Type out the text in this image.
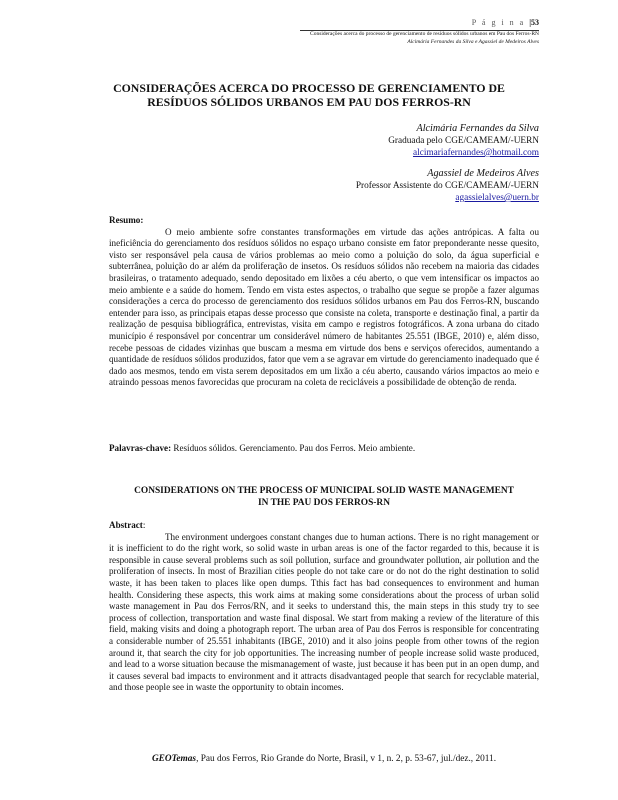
P á g i n a |53
Considerações acerca do processo de gerenciamento de resíduos sólidos urbanos em Pau dos Ferros-RN
Alcimária Fernandes da Silva e Agassiel de Medeiros Alves
CONSIDERAÇÕES ACERCA DO PROCESSO DE GERENCIAMENTO DE
RESÍDUOS SÓLIDOS URBANOS EM PAU DOS FERROS-RN
Alcimária Fernandes da Silva
Graduada pelo CGE/CAMEAM/-UERN
alcimariafernandes@hotmail.com
Agassiel de Medeiros Alves
Professor Assistente do CGE/CAMEAM/-UERN
agassielalves@uern.br
Resumo:
O meio ambiente sofre constantes transformações em virtude das ações antrópicas. A falta ou ineficiência do gerenciamento dos resíduos sólidos no espaço urbano consiste em fator preponderante nesse quesito, visto ser responsável pela causa de vários problemas ao meio como a poluição do solo, da água superficial e subterrânea, poluição do ar além da proliferação de insetos. Os resíduos sólidos não recebem na maioria das cidades brasileiras, o tratamento adequado, sendo depositado em lixões a céu aberto, o que vem intensificar os impactos ao meio ambiente e a saúde do homem. Tendo em vista estes aspectos, o trabalho que segue se propõe a fazer algumas considerações a cerca do processo de gerenciamento dos resíduos sólidos urbanos em Pau dos Ferros-RN, buscando entender para isso, as principais etapas desse processo que consiste na coleta, transporte e destinação final, a partir da realização de pesquisa bibliográfica, entrevistas, visita em campo e registros fotográficos. A zona urbana do citado município é responsável por concentrar um considerável número de habitantes 25.551 (IBGE, 2010) e, além disso, recebe pessoas de cidades vizinhas que buscam a mesma em virtude dos bens e serviços oferecidos, aumentando a quantidade de resíduos sólidos produzidos, fator que vem a se agravar em virtude do gerenciamento inadequado que é dado aos mesmos, tendo em vista serem depositados em um lixão a céu aberto, causando vários impactos ao meio e atraindo pessoas menos favorecidas que procuram na coleta de recicláveis a possibilidade de obtenção de renda.
Palavras-chave: Resíduos sólidos. Gerenciamento. Pau dos Ferros. Meio ambiente.
CONSIDERATIONS ON THE PROCESS OF MUNICIPAL SOLID WASTE MANAGEMENT
IN THE PAU DOS FERROS-RN
Abstract:
The environment undergoes constant changes due to human actions. There is no right management or it is inefficient to do the right work, so solid waste in urban areas is one of the factor regarded to this, because it is responsible in cause several problems such as soil pollution, surface and groundwater pollution, air pollution and the proliferation of insects. In most of Brazilian cities people do not take care or do not do the right destination to solid waste, it has been taken to places like open dumps. Tthis fact has bad consequences to environment and human health. Considering these aspects, this work aims at making some considerations about the process of urban solid waste management in Pau dos Ferros/RN, and it seeks to understand this, the main steps in this study try to see process of collection, transportation and waste final disposal. We start from making a review of the literature of this field, making visits and doing a photograph report. The urban area of Pau dos Ferros is responsible for concentrating a considerable number of 25.551 inhabitants (IBGE, 2010) and it also joins people from other towns of the region around it, that search the city for job opportunities. The increasing number of people increase solid waste produced, and lead to a worse situation because the mismanagement of waste, just because it has been put in an open dump, and it causes several bad impacts to environment and it attracts disadvantaged people that search for recyclable material, and those people see in waste the opportunity to obtain incomes.
GEOTemas, Pau dos Ferros, Rio Grande do Norte, Brasil, v 1, n. 2, p. 53-67, jul./dez., 2011.
